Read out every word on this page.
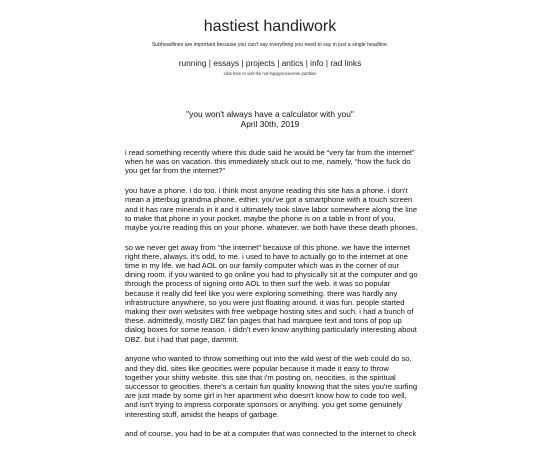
hastiest handiwork
Subheadlines are important because you can't say everything you need to say in just a single headline.
running | essays | projects | antics | info | rad links
click here to visit the not-happyonceverse partition
"you won't always have a calculator with you"
April 30th, 2019

i read something recently where this dude said he would be “very far from the internet”
when he was on vacation. this immediately stuck out to me, namely, “how the fuck do
you get far from the internet?”

you have a phone. i do too. i think most anyone reading this site has a phone. i don't
mean a jitterbug grandma phone, either. you've got a smartphone with a touch screen
and it has rare minerals in it and it ultimately took slave labor somewhere along the line
to make that phone in your pocket. maybe the phone is on a table in front of you.
maybe you're reading this on your phone. whatever. we both have these death phones.

so we never get away from “the internet” because of this phone. we have the internet
right there, always. it's odd, to me. i used to have to actually go to the internet at one
time in my life. we had AOL on our family computer which was in the corner of our
dining room. if you wanted to go online you had to physically sit at the computer and go
through the process of signing onto AOL to then surf the web. it was so popular
because it really did feel like you were exploring something. there was hardly any
infrastructure anywhere, so you were just floating around. it was fun. people started
making their own websites with free webpage hosting sites and such. i had a bunch of
these. admittedly, mostly DBZ fan pages that had marquee text and tons of pop up
dialog boxes for some reason. i didn't even know anything particularly interesting about
DBZ. but i had that page, dammit.

anyone who wanted to throw something out into the wild west of the web could do so,
and they did. sites like geocities were popular because it made it easy to throw
together your shitty website. this site that i'm posting on, neocities, is the spiritual
successor to geocities. there's a certain fun quality knowing that the sites you're surfing
are just made by some girl in her apartment who doesn't know how to code too well,
and isn't trying to impress corporate sponsors or anything. you get some genuinely
interesting stuff, amidst the heaps of garbage.

and of course, you had to be at a computer that was connected to the internet to check
